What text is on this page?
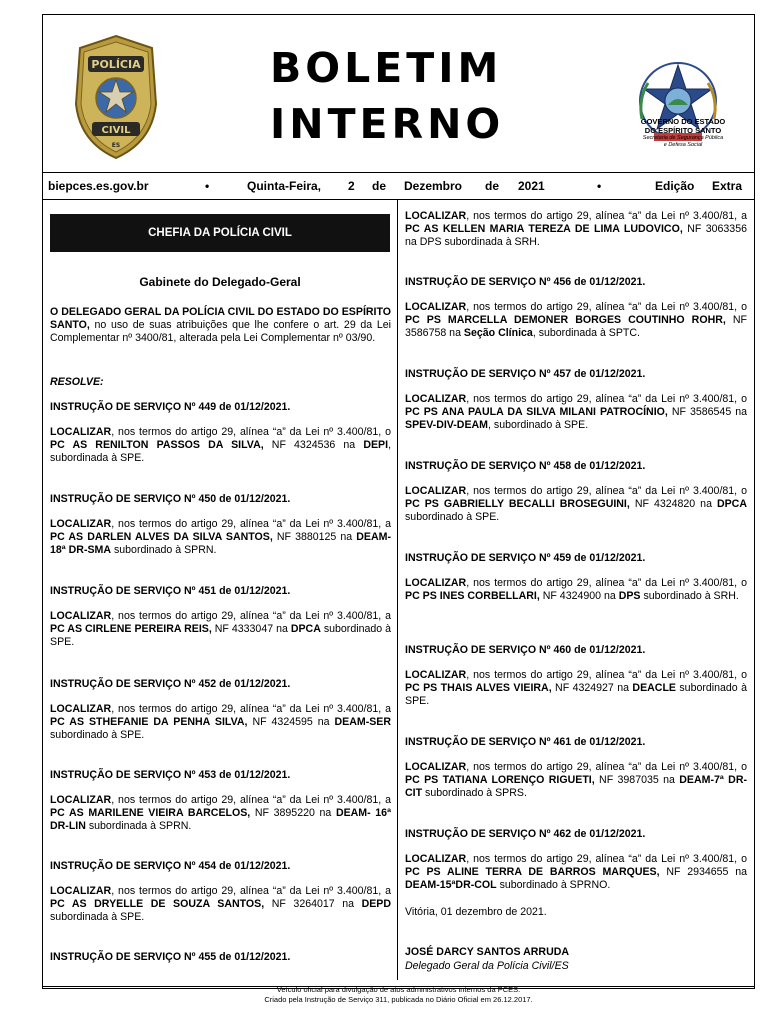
POLÍCIA
CIVIL
ES
BOLETIM
INTERNO	GOVERNO DO ESTADO
DO ESPÍRITO SANTO
Secretaria de Segurança Pública
e Defesa Social
biepces.es.gov.br	•	Quinta-Feira, 2 de Dezembro de 2021	•	Edição Extra
CHEFIA DA POLÍCIA CIVIL
Gabinete do Delegado-Geral
O DELEGADO GERAL DA POLÍCIA CIVIL DO ESTADO DO ESPÍRITO SANTO, no uso de suas atribuições que lhe confere o art. 29 da Lei Complementar nº 3400/81, alterada pela Lei Complementar nº 03/90.
RESOLVE:
INSTRUÇÃO DE SERVIÇO Nº 449 de 01/12/2021.
INSTRUÇÃO DE SERVIÇO Nº 450 de 01/12/2021.
INSTRUÇÃO DE SERVIÇO Nº 451 de 01/12/2021.
INSTRUÇÃO DE SERVIÇO Nº 452 de 01/12/2021.
INSTRUÇÃO DE SERVIÇO Nº 453 de 01/12/2021.
INSTRUÇÃO DE SERVIÇO Nº 454 de 01/12/2021.
INSTRUÇÃO DE SERVIÇO Nº 455 de 01/12/2021.
INSTRUÇÃO DE SERVIÇO Nº 456 de 01/12/2021.
INSTRUÇÃO DE SERVIÇO Nº 457 de 01/12/2021.
INSTRUÇÃO DE SERVIÇO Nº 458 de 01/12/2021.
INSTRUÇÃO DE SERVIÇO Nº 459 de 01/12/2021.
INSTRUÇÃO DE SERVIÇO Nº 460 de 01/12/2021.
INSTRUÇÃO DE SERVIÇO Nº 461 de 01/12/2021.
INSTRUÇÃO DE SERVIÇO Nº 462 de 01/12/2021.
LOCALIZAR, nos termos do artigo 29, alínea “a” da Lei nº 3.400/81, o PC AS RENILTON PASSOS DA SILVA, NF 4324536 na DEPI, subordinada à SPE.
LOCALIZAR, nos termos do artigo 29, alínea “a” da Lei nº 3.400/81, a PC AS DARLEN ALVES DA SILVA SANTOS, NF 3880125 na DEAM- 18ª DR-SMA subordinado à SPRN.
LOCALIZAR, nos termos do artigo 29, alínea “a” da Lei nº 3.400/81, a PC AS CIRLENE PEREIRA REIS, NF 4333047 na DPCA subordinado à SPE.
LOCALIZAR, nos termos do artigo 29, alínea “a” da Lei nº 3.400/81, a PC AS STHEFANIE DA PENHA SILVA, NF 4324595 na DEAM-SER subordinado à SPE.
LOCALIZAR, nos termos do artigo 29, alínea “a” da Lei nº 3.400/81, a PC AS MARILENE VIEIRA BARCELOS, NF 3895220 na DEAM- 16ª DR-LIN subordinada à SPRN.
LOCALIZAR, nos termos do artigo 29, alínea “a” da Lei nº 3.400/81, a PC AS DRYELLE DE SOUZA SANTOS, NF 3264017 na DEPD subordinada à SPE.
LOCALIZAR, nos termos do artigo 29, alínea “a” da Lei nº 3.400/81, a PC AS KELLEN MARIA TEREZA DE LIMA LUDOVICO, NF 3063356 na DPS subordinada à SRH.
LOCALIZAR, nos termos do artigo 29, alínea “a” da Lei nº 3.400/81, o PC PS MARCELLA DEMONER BORGES COUTINHO ROHR, NF 3586758 na Seção Clínica, subordinada à SPTC.
LOCALIZAR, nos termos do artigo 29, alínea “a” da Lei nº 3.400/81, o PC PS ANA PAULA DA SILVA MILANI PATROCÍNIO, NF 3586545 na SPEV-DIV-DEAM, subordinado à SPE.
LOCALIZAR, nos termos do artigo 29, alínea “a” da Lei nº 3.400/81, o PC PS GABRIELLY BECALLI BROSEGUINI, NF 4324820 na DPCA subordinado à SPE.
LOCALIZAR, nos termos do artigo 29, alínea “a” da Lei nº 3.400/81, o PC PS INES CORBELLARI, NF 4324900 na DPS subordinado à SRH.
LOCALIZAR, nos termos do artigo 29, alínea “a” da Lei nº 3.400/81, o PC PS THAIS ALVES VIEIRA, NF 4324927 na DEACLE subordinado à SPE.
LOCALIZAR, nos termos do artigo 29, alínea “a” da Lei nº 3.400/81, o PC PS TATIANA LORENÇO RIGUETI, NF 3987035 na DEAM-7ª DR-CIT subordinado à SPRS.
LOCALIZAR, nos termos do artigo 29, alínea “a” da Lei nº 3.400/81, o PC PS ALINE TERRA DE BARROS MARQUES, NF 2934655 na DEAM-15ªDR-COL subordinado à SPRNO.
Vitória, 01 dezembro de 2021.
JOSÉ DARCY SANTOS ARRUDA
Delegado Geral da Polícia Civil/ES
Veículo oficial para divulgação de atos administrativos internos da PCES.
Criado pela Instrução de Serviço 311, publicada no Diário Oficial em 26.12.2017.
